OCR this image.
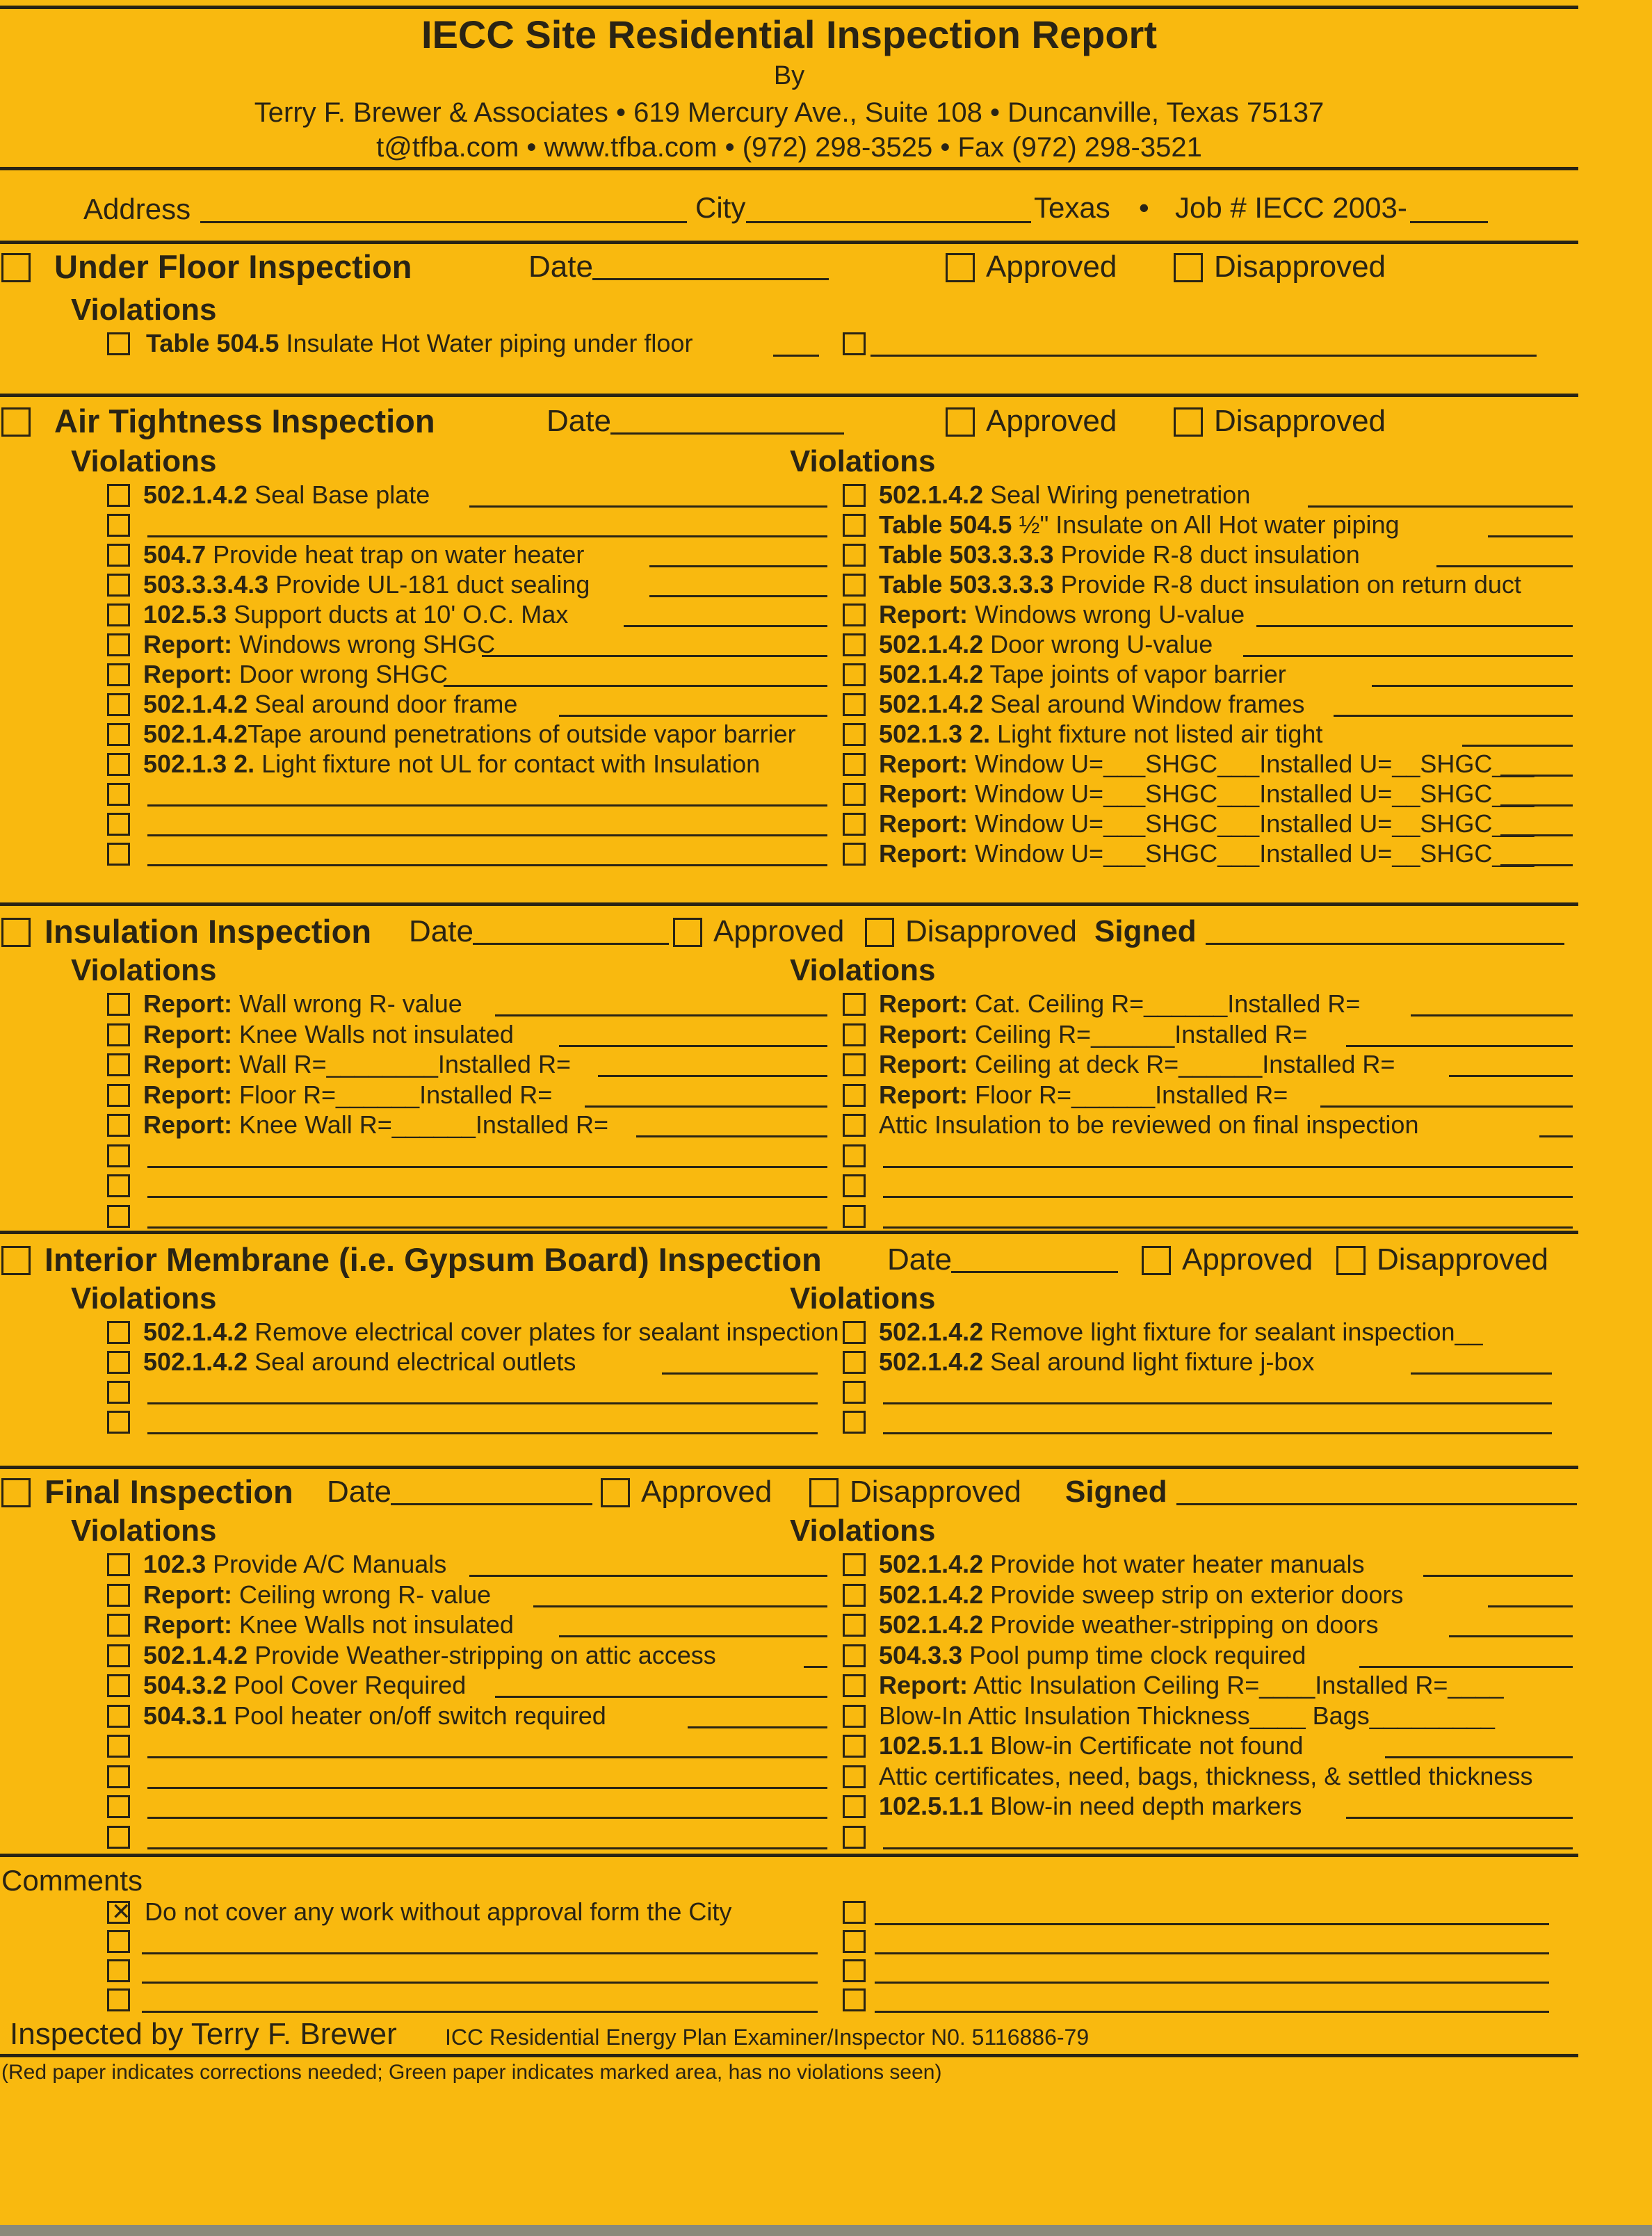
IECC Site Residential Inspection Report
By
Terry F. Brewer & Associates • 619 Mercury Ave., Suite 108 • Duncanville, Texas 75137
t@tfba.com • www.tfba.com • (972) 298-3525 • Fax (972) 298-3521
Address	City	Texas • Job # IECC 2003-
Under Floor Inspection	Date	Approved	Disapproved
Violations
Table 504.5 Insulate Hot Water piping under floor
Air Tightness Inspection	Date	Approved	Disapproved
Violations	Violations
502.1.4.2 Seal Base plate
504.7 Provide heat trap on water heater
503.3.3.4.3 Provide UL-181 duct sealing
102.5.3 Support ducts at 10' O.C. Max
Report: Windows wrong SHGC
Report: Door wrong SHGC
502.1.4.2 Seal around door frame
502.1.4.2Tape around penetrations of outside vapor barrier
502.1.3 2. Light fixture not UL for contact with Insulation
502.1.4.2 Seal Wiring penetration
Table 504.5 ½" Insulate on All Hot water piping
Table 503.3.3.3 Provide R-8 duct insulation
Table 503.3.3.3 Provide R-8 duct insulation on return duct
Report: Windows wrong U-value
502.1.4.2 Door wrong U-value
502.1.4.2 Tape joints of vapor barrier
502.1.4.2 Seal around Window frames
502.1.3 2. Light fixture not listed air tight
Report: Window U=___SHGC___Installed U=__SHGC___
Report: Window U=___SHGC___Installed U=__SHGC___
Report: Window U=___SHGC___Installed U=__SHGC___
Report: Window U=___SHGC___Installed U=__SHGC___
Insulation Inspection Date	Approved Disapproved Signed
Violations	Violations
Report: Wall wrong R- value
Report: Knee Walls not insulated
Report: Wall R=________Installed R=
Report: Floor R=______Installed R=
Report: Knee Wall R=______Installed R=
Report: Cat. Ceiling R=______Installed R=
Report: Ceiling R=______Installed R=
Report: Ceiling at deck R=______Installed R=
Report: Floor R=______Installed R=
Attic Insulation to be reviewed on final inspection
Interior Membrane (i.e. Gypsum Board) Inspection Date	Approved Disapproved
Violations	Violations
502.1.4.2 Remove electrical cover plates for sealant inspection
502.1.4.2 Seal around electrical outlets
502.1.4.2 Remove light fixture for sealant inspection__
502.1.4.2 Seal around light fixture j-box
Final Inspection Date	Approved	Disapproved Signed
Violations	Violations
102.3 Provide A/C Manuals
Report: Ceiling wrong R- value
Report: Knee Walls not insulated
502.1.4.2 Provide Weather-stripping on attic access
504.3.2 Pool Cover Required
504.3.1 Pool heater on/off switch required
502.1.4.2 Provide hot water heater manuals
502.1.4.2 Provide sweep strip on exterior doors
502.1.4.2 Provide weather-stripping on doors
504.3.3 Pool pump time clock required
Report: Attic Insulation Ceiling R=____Installed R=____
Blow-In Attic Insulation Thickness____ Bags_________
102.5.1.1 Blow-in Certificate not found
Attic certificates, need, bags, thickness, & settled thickness
102.5.1.1 Blow-in need depth markers
Comments
✕ Do not cover any work without approval form the City
Inspected by Terry F. Brewer ICC Residential Energy Plan Examiner/Inspector N0. 5116886-79
(Red paper indicates corrections needed; Green paper indicates marked area, has no violations seen)
